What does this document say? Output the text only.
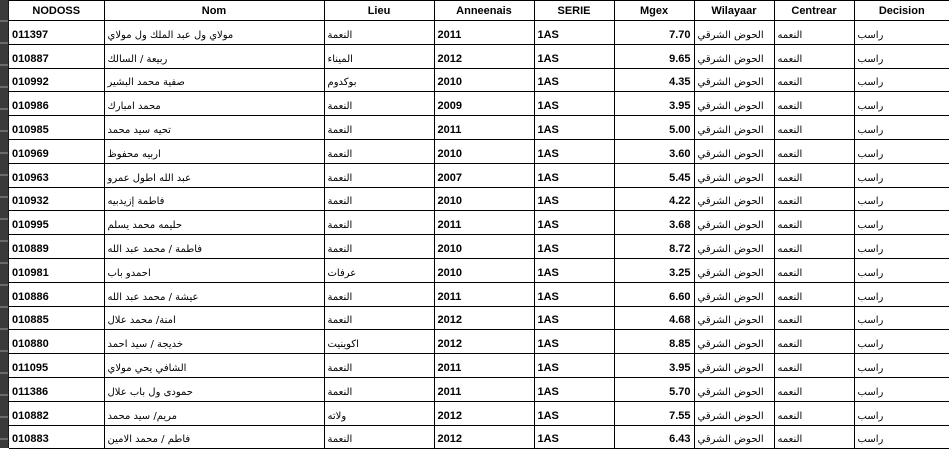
NODOSS	Nom	Lieu	Anneenais	SERIE	Mgex	Wilayaar	Centrear	Decision
011397	مولاي ول عبد الملك ول مولاي	النعمة	2011	1AS	7.70	الحوض الشرقي	النعمه	راسب
010887	ربيعة / السالك	الميناء	2012	1AS	9.65	الحوض الشرقي	النعمه	راسب
010992	صفية محمد البشير	بوكدوم	2010	1AS	4.35	الحوض الشرقي	النعمه	راسب
010986	محمد امبارك	النعمة	2009	1AS	3.95	الحوض الشرقي	النعمه	راسب
010985	تحيه سيد محمد	النعمة	2011	1AS	5.00	الحوض الشرقي	النعمه	راسب
010969	اربيه محفوظ	النعمة	2010	1AS	3.60	الحوض الشرقي	النعمه	راسب
010963	عبد الله اطول عمرو	النعمة	2007	1AS	5.45	الحوض الشرقي	النعمه	راسب
010932	فاطمة إزيدبيه	النعمة	2010	1AS	4.22	الحوض الشرقي	النعمه	راسب
010995	حليمه محمد يسلم	النعمة	2011	1AS	3.68	الحوض الشرقي	النعمه	راسب
010889	فاطمة / محمد عبد الله	النعمة	2010	1AS	8.72	الحوض الشرقي	النعمه	راسب
010981	احمدو باب	عرفات	2010	1AS	3.25	الحوض الشرقي	النعمه	راسب
010886	عيشة / محمد عبد الله	النعمة	2011	1AS	6.60	الحوض الشرقي	النعمه	راسب
010885	امنة/ محمد علال	النعمة	2012	1AS	4.68	الحوض الشرقي	النعمه	راسب
010880	خديجة / سيد احمد	اكوينيت	2012	1AS	8.85	الحوض الشرقي	النعمه	راسب
011095	الشافي يحي مولاي	النعمة	2011	1AS	3.95	الحوض الشرقي	النعمه	راسب
011386	حمودى ول باب علال	النعمة	2011	1AS	5.70	الحوض الشرقي	النعمه	راسب
010882	مريم/ سيد محمد	ولاته	2012	1AS	7.55	الحوض الشرقي	النعمه	راسب
010883	فاطم / محمد الامين	النعمة	2012	1AS	6.43	الحوض الشرقي	النعمه	راسب
